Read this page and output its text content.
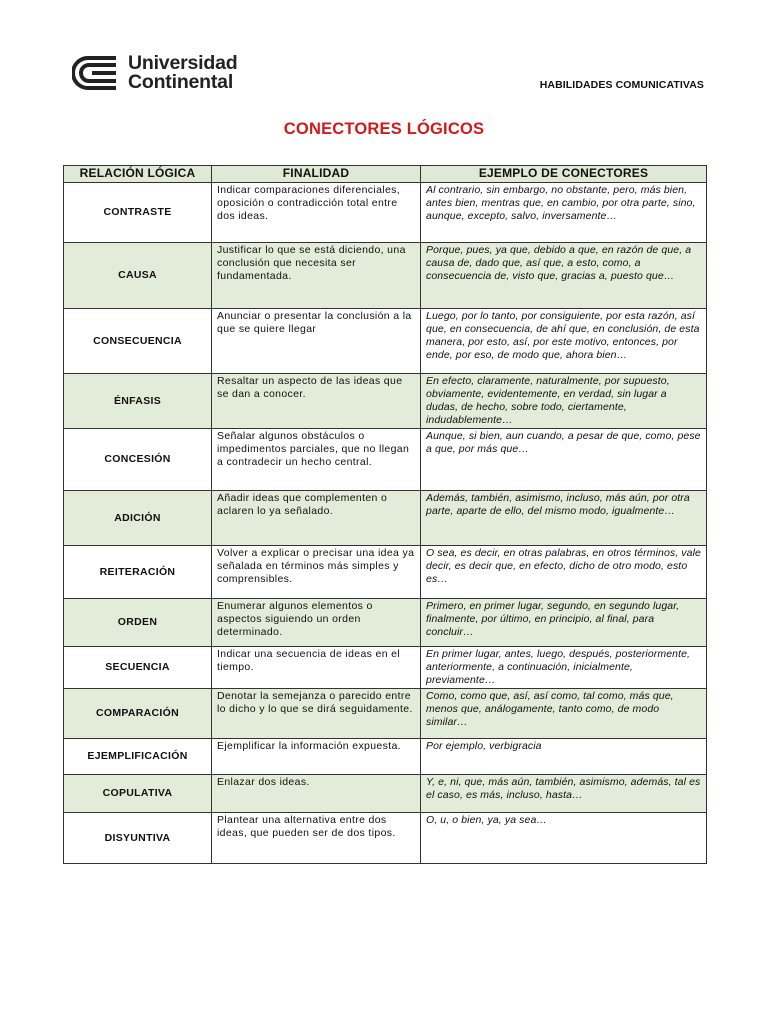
Universidad
Continental	HABILIDADES COMUNICATIVAS
CONECTORES LÓGICOS
RELACIÓN LÓGICA	FINALIDAD	EJEMPLO DE CONECTORES
CONTRASTE	Indicar comparaciones diferenciales, oposición o contradicción total entre dos ideas.	Al contrario, sin embargo, no obstante, pero, más bien, antes bien, mentras que, en cambio, por otra parte, sino, aunque, excepto, salvo, inversamente…
CAUSA	Justificar lo que se está diciendo, una conclusión que necesita ser fundamentada.	Porque, pues, ya que, debido a que, en razón de que, a causa de, dado que, así que, a esto, como, a consecuencia de, visto que, gracias a, puesto que…
CONSECUENCIA	Anunciar o presentar la conclusión a la que se quiere llegar	Luego, por lo tanto, por consiguiente, por esta razón, así que, en consecuencia, de ahí que, en conclusión, de esta manera, por esto, así, por este motivo, entonces, por ende, por eso, de modo que, ahora bien…
ÉNFASIS	Resaltar un aspecto de las ideas que se dan a conocer.	En efecto, claramente, naturalmente, por supuesto, obviamente, evidentemente, en verdad, sin lugar a dudas, de hecho, sobre todo, ciertamente, indudablemente…
CONCESIÓN	Señalar algunos obstáculos o impedimentos parciales, que no llegan a contradecir un hecho central.	Aunque, si bien, aun cuando, a pesar de que, como, pese a que, por más que…
ADICIÓN	Añadir ideas que complementen o aclaren lo ya señalado.	Además, también, asimismo, incluso, más aún, por otra parte, aparte de ello, del mismo modo, igualmente…
REITERACIÓN	Volver a explicar o precisar una idea ya señalada en términos más simples y comprensibles.	O sea, es decir, en otras palabras, en otros términos, vale decir, es decir que, en efecto, dicho de otro modo, esto es…
ORDEN	Enumerar algunos elementos o aspectos siguiendo un orden determinado.	Primero, en primer lugar, segundo, en segundo lugar, finalmente, por último, en principio, al final, para concluir…
SECUENCIA	Indicar una secuencia de ideas en el tiempo.	En primer lugar, antes, luego, después, posteriormente, anteriormente, a continuación, inicialmente, previamente…
COMPARACIÓN	Denotar la semejanza o parecido entre lo dicho y lo que se dirá seguidamente.	Como, como que, así, así como, tal como, más que, menos que, análogamente, tanto como, de modo similar…
EJEMPLIFICACIÓN	Ejemplificar la información expuesta.	Por ejemplo, verbigracia
COPULATIVA	Enlazar dos ideas.	Y, e, ni, que, más aún, también, asimismo, además, tal es el caso, es más, incluso, hasta…
DISYUNTIVA	Plantear una alternativa entre dos ideas, que pueden ser de dos tipos.	O, u, o bien, ya, ya sea…
